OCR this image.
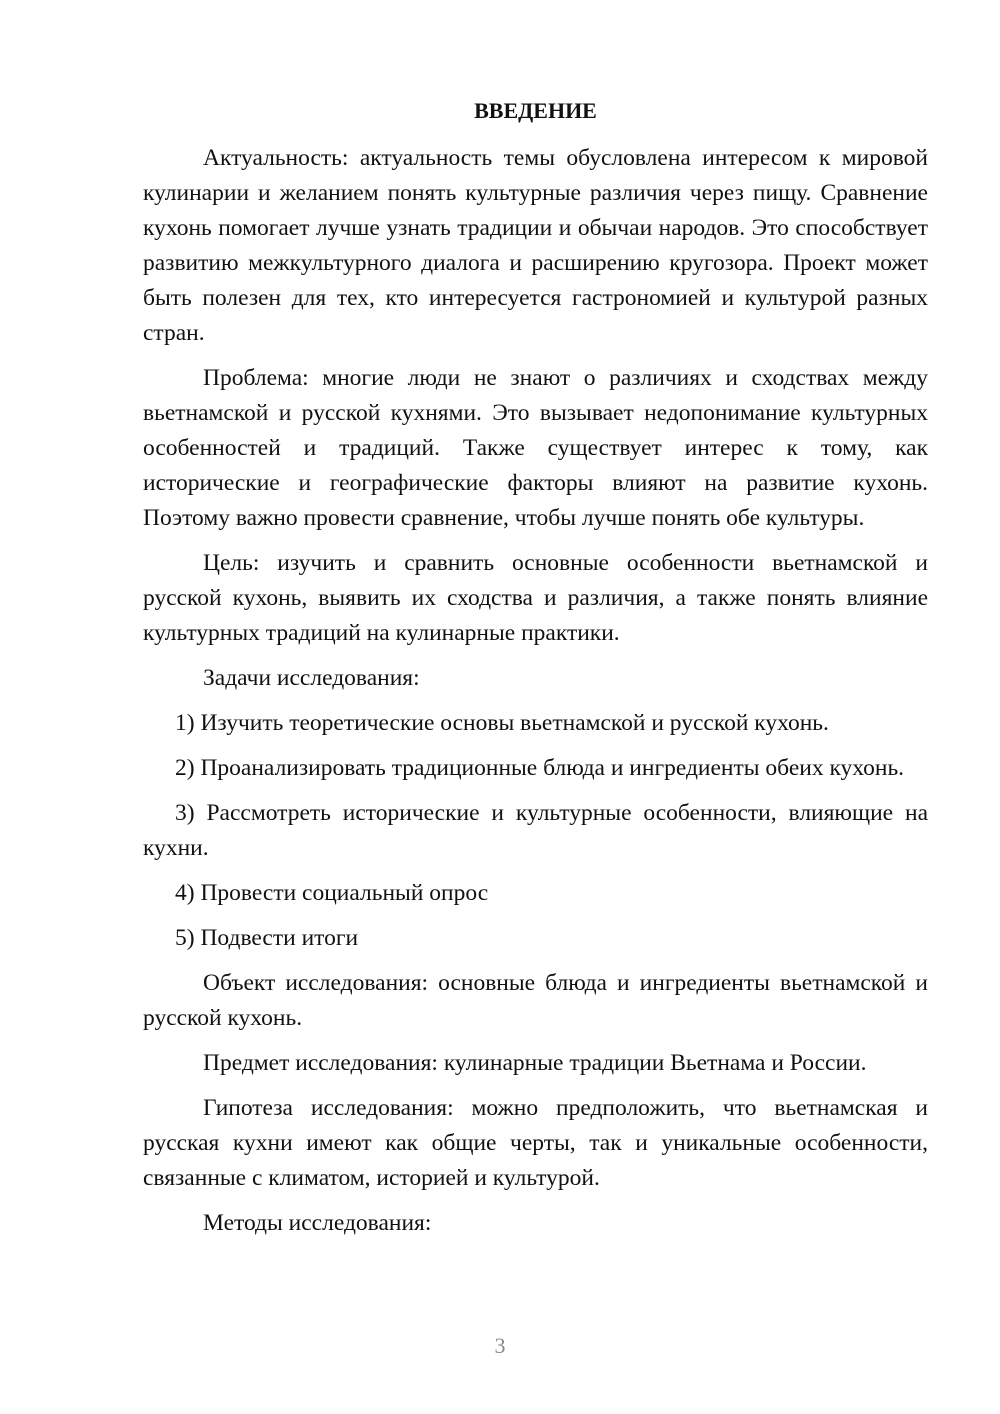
ВВЕДЕНИЕ

Актуальность: актуальность темы обусловлена интересом к мировой кулинарии и желанием понять культурные различия через пищу. Сравнение кухонь помогает лучше узнать традиции и обычаи народов. Это способствует развитию межкультурного диалога и расширению кругозора. Проект может быть полезен для тех, кто интересуется гастрономией и культурой разных стран.

Проблема: многие люди не знают о различиях и сходствах между вьетнамской и русской кухнями. Это вызывает недопонимание культурных особенностей и традиций. Также существует интерес к тому, как исторические и географические факторы влияют на развитие кухонь. Поэтому важно провести сравнение, чтобы лучше понять обе культуры.

Цель: изучить и сравнить основные особенности вьетнамской и русской кухонь, выявить их сходства и различия, а также понять влияние культурных традиций на кулинарные практики.

Задачи исследования:

1) Изучить теоретические основы вьетнамской и русской кухонь.

2) Проанализировать традиционные блюда и ингредиенты обеих кухонь.

3) Рассмотреть исторические и культурные особенности, влияющие на кухни.

4) Провести социальный опрос

5) Подвести итоги

Объект исследования: основные блюда и ингредиенты вьетнамской и русской кухонь.

Предмет исследования: кулинарные традиции Вьетнама и России.

Гипотеза исследования: можно предположить, что вьетнамская и русская кухни имеют как общие черты, так и уникальные особенности, связанные с климатом, историей и культурой.

Методы исследования:

3
